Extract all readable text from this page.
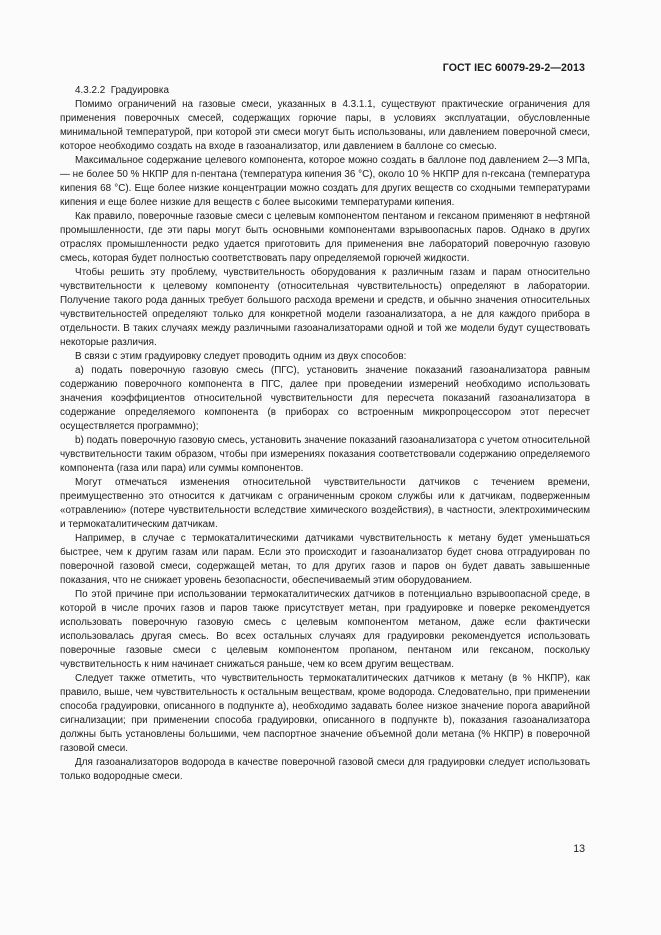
ГОСТ IEC 60079-29-2—2013

4.3.2.2 Градуировка

Помимо ограничений на газовые смеси, указанных в 4.3.1.1, существуют практические ограничения для применения поверочных смесей, содержащих горючие пары, в условиях эксплуатации, обусловленные минимальной температурой, при которой эти смеси могут быть использованы, или давлением поверочной смеси, которое необходимо создать на входе в газоанализатор, или давлением в баллоне со смесью.

Максимальное содержание целевого компонента, которое можно создать в баллоне под давлением 2—3 МПа, — не более 50 % НКПР для n-пентана (температура кипения 36 °С), около 10 % НКПР для n-гексана (температура кипения 68 °С). Еще более низкие концентрации можно создать для других веществ со сходными температурами кипения и еще более низкие для веществ с более высокими температурами кипения.

Как правило, поверочные газовые смеси с целевым компонентом пентаном и гексаном применяют в нефтяной промышленности, где эти пары могут быть основными компонентами взрывоопасных паров. Однако в других отраслях промышленности редко удается приготовить для применения вне лабораторий поверочную газовую смесь, которая будет полностью соответствовать пару определяемой горючей жидкости.

Чтобы решить эту проблему, чувствительность оборудования к различным газам и парам относительно чувствительности к целевому компоненту (относительная чувствительность) определяют в лаборатории. Получение такого рода данных требует большого расхода времени и средств, и обычно значения относительных чувствительностей определяют только для конкретной модели газоанализатора, а не для каждого прибора в отдельности. В таких случаях между различными газоанализаторами одной и той же модели будут существовать некоторые различия.

В связи с этим градуировку следует проводить одним из двух способов:

а) подать поверочную газовую смесь (ПГС), установить значение показаний газоанализатора равным содержанию поверочного компонента в ПГС, далее при проведении измерений необходимо использовать значения коэффициентов относительной чувствительности для пересчета показаний газоанализатора в содержание определяемого компонента (в приборах со встроенным микропроцессором этот пересчет осуществляется программно);

b) подать поверочную газовую смесь, установить значение показаний газоанализатора с учетом относительной чувствительности таким образом, чтобы при измерениях показания соответствовали содержанию определяемого компонента (газа или пара) или суммы компонентов.

Могут отмечаться изменения относительной чувствительности датчиков с течением времени, преимущественно это относится к датчикам с ограниченным сроком службы или к датчикам, подверженным «отравлению» (потере чувствительности вследствие химического воздействия), в частности, электрохимическим и термокаталитическим датчикам.

Например, в случае с термокаталитическими датчиками чувствительность к метану будет уменьшаться быстрее, чем к другим газам или парам. Если это происходит и газоанализатор будет снова отградуирован по поверочной газовой смеси, содержащей метан, то для других газов и паров он будет давать завышенные показания, что не снижает уровень безопасности, обеспечиваемый этим оборудованием.

По этой причине при использовании термокаталитических датчиков в потенциально взрывоопасной среде, в которой в числе прочих газов и паров также присутствует метан, при градуировке и поверке рекомендуется использовать поверочную газовую смесь с целевым компонентом метаном, даже если фактически использовалась другая смесь. Во всех остальных случаях для градуировки рекомендуется использовать поверочные газовые смеси с целевым компонентом пропаном, пентаном или гексаном, поскольку чувствительность к ним начинает снижаться раньше, чем ко всем другим веществам.

Следует также отметить, что чувствительность термокаталитических датчиков к метану (в % НКПР), как правило, выше, чем чувствительность к остальным веществам, кроме водорода. Следовательно, при применении способа градуировки, описанного в подпункте а), необходимо задавать более низкое значение порога аварийной сигнализации; при применении способа градуировки, описанного в подпункте b), показания газоанализатора должны быть установлены большими, чем паспортное значение объемной доли метана (% НКПР) в поверочной газовой смеси.

Для газоанализаторов водорода в качестве поверочной газовой смеси для градуировки следует использовать только водородные смеси.

13
